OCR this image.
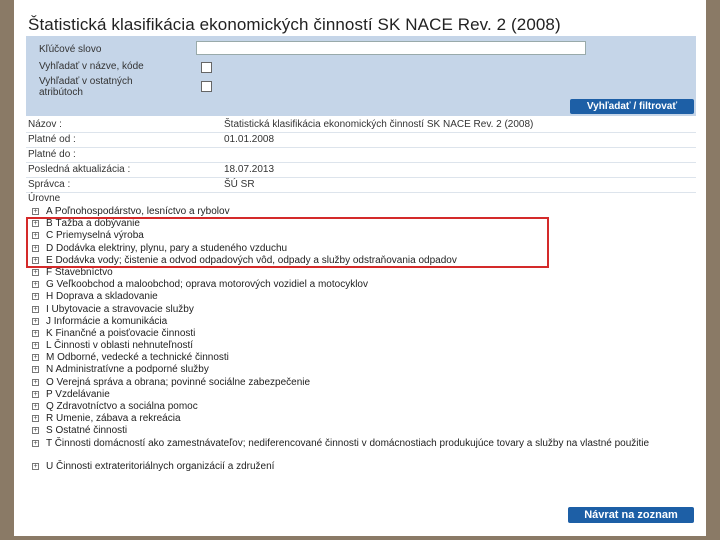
Štatistická klasifikácia ekonomických činností SK NACE Rev. 2 (2008)
Kľúčové slovo
Vyhľadať v názve, kóde
Vyhľadať v ostatných
atribútoch
Vyhľadať / filtrovať
Názov :	Štatistická klasifikácia ekonomických činností SK NACE Rev. 2 (2008)
Platné od :	01.01.2008
Platné do :
Posledná aktualizácia :	18.07.2013
Správca :	ŠÚ SR
Úrovne
+ A Poľnohospodárstvo, lesníctvo a rybolov
+ B Ťažba a dobývanie
+ C Priemyselná výroba
+ D Dodávka elektriny, plynu, pary a studeného vzduchu
+ E Dodávka vody; čistenie a odvod odpadových vôd, odpady a služby odstraňovania odpadov
+ F Stavebníctvo
+ G Veľkoobchod a maloobchod; oprava motorových vozidiel a motocyklov
+ H Doprava a skladovanie
+ I Ubytovacie a stravovacie služby
+ J Informácie a komunikácia
+ K Finančné a poisťovacie činnosti
+ L Činnosti v oblasti nehnuteľností
+ M Odborné, vedecké a technické činnosti
+ N Administratívne a podporné služby
+ O Verejná správa a obrana; povinné sociálne zabezpečenie
+ P Vzdelávanie
+ Q Zdravotníctvo a sociálna pomoc
+ R Umenie, zábava a rekreácia
+ S Ostatné činnosti
+ T Činnosti domácností ako zamestnávateľov; nediferencované činnosti v domácnostiach produkujúce tovary a služby na vlastné použitie
+ U Činnosti extrateritoriálnych organizácií a združení
Návrat na zoznam
